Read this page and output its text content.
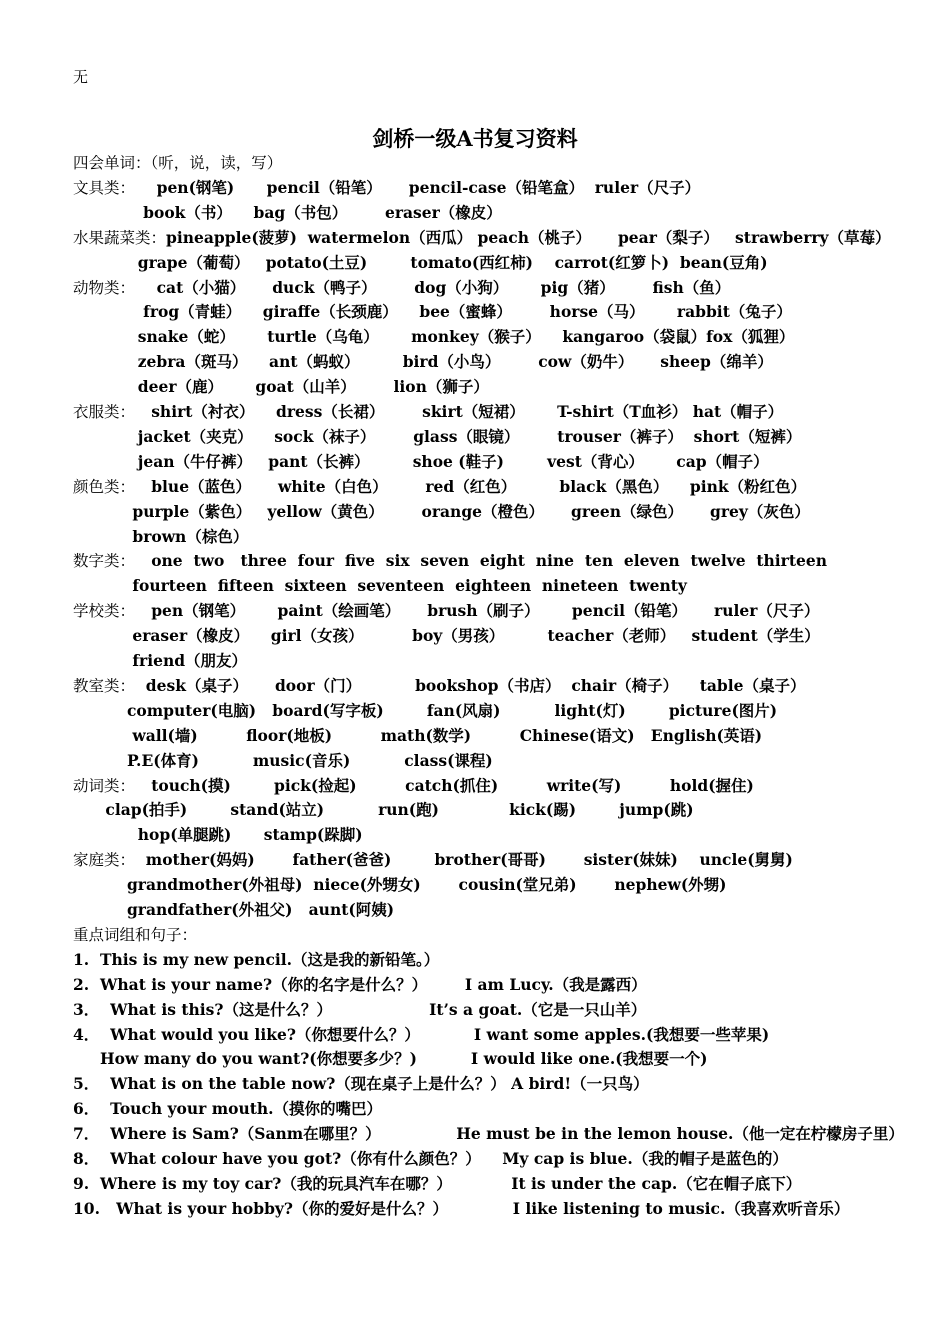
无
剑桥一级A书复习资料
四会单词：（听，说，读，写）
文具类：    pen(钢笔)      pencil（铅笔）     pencil-case（铅笔盒）  ruler（尺子）
book（书）    bag（书包）       eraser（橡皮）
水果蔬菜类：pineapple(菠萝)  watermelon（西瓜） peach（桃子）     pear（梨子）   strawberry（草莓）
grape（葡萄）   potato(土豆)        tomato(西红柿)    carrot(红箩卜)  bean(豆角)
动物类：    cat（小猫）     duck（鸭子）       dog（小狗）      pig（猪）       fish（鱼）
frog（青蛙）    giraffe（长颈鹿）    bee（蜜蜂）       horse（马）      rabbit（兔子）
snake（蛇）      turtle（乌龟）      monkey（猴子）    kangaroo（袋鼠）fox（狐狸）
zebra（斑马）    ant（蚂蚁）        bird（小鸟）       cow（奶牛）     sheep（绵羊）
deer（鹿）      goat（山羊）       lion（狮子）
衣服类：   shirt（衬衣）    dress（长裙）       skirt（短裙）      T-shirt（T血衫） hat（帽子）
jacket（夹克）    sock（袜子）       glass（眼镜）       trouser（裤子）  short（短裤）
jean（牛仔裤）   pant（长裤）        shoe (鞋子)        vest（背心）      cap（帽子）
颜色类：   blue（蓝色）     white（白色）       red（红色）        black（黑色）    pink（粉红色）
purple（紫色）   yellow（黄色）       orange（橙色）     green（绿色）     grey（灰色）
brown（棕色）
数字类：   one  two   three  four  five  six  seven  eight  nine  ten  eleven  twelve  thirteen
fourteen  fifteen  sixteen  seventeen  eighteen  nineteen  twenty
学校类：   pen（钢笔）      paint（绘画笔）     brush（刷子）      pencil（铅笔）     ruler（尺子）
eraser（橡皮）    girl（女孩）         boy（男孩）        teacher（老师）   student（学生）
friend（朋友）
教室类：  desk（桌子）     door（门）          bookshop（书店）  chair（椅子）    table（桌子）
computer(电脑)   board(写字板)        fan(风扇)          light(灯)        picture(图片)
wall(墙)         floor(地板)         math(数学)         Chinese(语文)   English(英语)
P.E(体育)          music(音乐)          class(课程)
动词类：   touch(摸)        pick(捡起)         catch(抓住)         write(写)         hold(握住)
clap(拍手)        stand(站立)          run(跑)             kick(踢)        jump(跳)
hop(单腿跳)      stamp(跺脚)
家庭类：  mother(妈妈)       father(爸爸)        brother(哥哥)       sister(妹妹)    uncle(舅舅)
grandmother(外祖母)  niece(外甥女)       cousin(堂兄弟)       nephew(外甥)
grandfather(外祖父)   aunt(阿姨)
重点词组和句子：
1.  This is my new pencil.（这是我的新铅笔。）
2.  What is your name?（你的名字是什么？）       I am Lucy.（我是露西）
3．  What is this?（这是什么？）                  It’s a goat.（它是一只山羊）
4．  What would you like?（你想要什么？）          I want some apples.(我想要一些苹果)
How many do you want?(你想要多少？)          I would like one.(我想要一个)
5．  What is on the table now?（现在桌子上是什么？） A bird!（一只鸟）
6．  Touch your mouth.（摸你的嘴巴）
7．  Where is Sam?（Sanm在哪里？）              He must be in the lemon house.（他一定在柠檬房子里）
8．  What colour have you got?（你有什么颜色？）    My cap is blue.（我的帽子是蓝色的）
9.  Where is my toy car?（我的玩具汽车在哪？）           It is under the cap.（它在帽子底下）
10.   What is your hobby?（你的爱好是什么？）            I like listening to music.（我喜欢听音乐）
